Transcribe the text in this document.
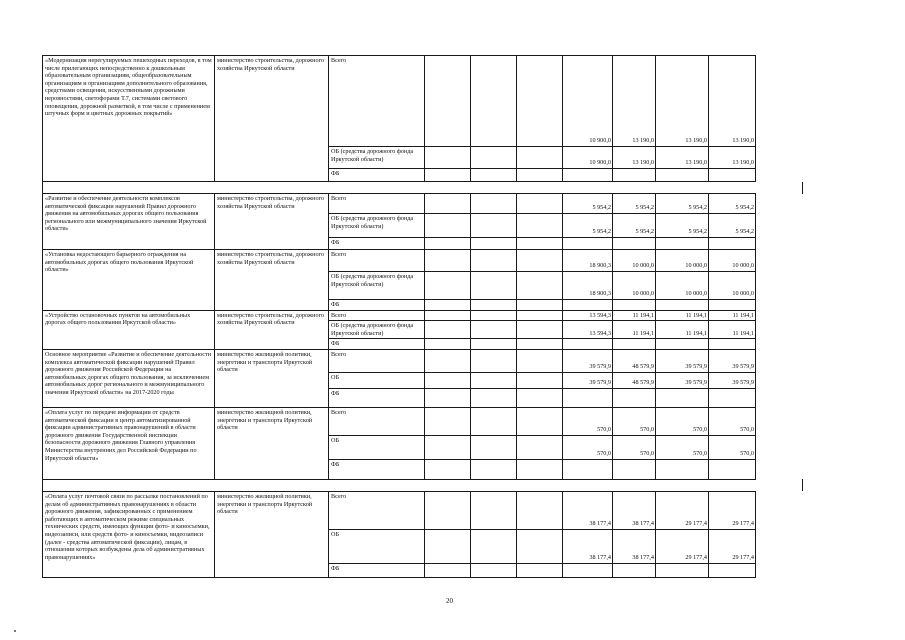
«Модернизация нерегулируемых пешеходных переходов, в том числе прилегающих непосредственно к дошкольным образовательным организациям, общеобразовательным организациям и организациям дополнительного образования, средствами освещения, искусственными дорожными неровностями, светофорами Т.7, системами светового оповещения, дорожной разметкой, в том числе с применением штучных форм и цветных дорожных покрытий»	министерство строительства, дорожного хозяйства Иркутской области	Всего				10 900,0	13 190,0	13 190,0	13 190,0	
		ОБ (средства дорожного фонда Иркутской области)				10 900,0	13 190,0	13 190,0	13 190,0	
		ФБ								

«Развитие и обеспечение деятельности комплексов автоматической фиксации нарушений Правил дорожного движения на автомобильных дорогах общего пользования регионального или межмуниципального значения Иркутской области»	министерство строительства, дорожного хозяйства Иркутской области	Всего				5 954,2	5 954,2	5 954,2	5 954,2	
		ОБ (средства дорожного фонда Иркутской области)				5 954,2	5 954,2	5 954,2	5 954,2	
		ФБ								
«Установка недостающего барьерного ограждения на автомобильных дорогах общего пользования Иркутской области»	министерство строительства, дорожного хозяйства Иркутской области	Всего				18 900,3	10 000,0	10 000,0	10 000,0	
		ОБ (средства дорожного фонда Иркутской области)				18 900,3	10 000,0	10 000,0	10 000,0	
		ФБ								
«Устройство остановочных пунктов на автомобильных дорогах общего пользования Иркутской области»	министерство строительства, дорожного хозяйства Иркутской области	Всего				13 594,3	11 194,1	11 194,1	11 194,1	
		ОБ (средства дорожного фонда Иркутской области)				13 594,3	11 194,1	11 194,1	11 194,1	
		ФБ								
Основное мероприятие «Развитие и обеспечение деятельности комплекса автоматической фиксации нарушений Правил дорожного движения Российской Федерации на автомобильных дорогах общего пользования, за исключением автомобильных дорог регионального и межмуниципального значения Иркутской области» на 2017-2020 годы	министерство жилищной политики, энергетики и транспорта Иркутской области	Всего				39 579,9	48 579,9	39 579,9	39 579,9	
		ОБ				39 579,9	48 579,9	39 579,9	39 579,9	
		ФБ								
«Оплата услуг по передаче информации от средств автоматической фиксации в центр автоматизированной фиксации административных правонарушений в области дорожного движения Государственной инспекции безопасности дорожного движения Главного управления Министерства внутренних дел Российской Федерации по Иркутской области»	министерство жилищной политики, энергетики и транспорта Иркутской области	Всего				570,0	570,0	570,0	570,0	
		ОБ				570,0	570,0	570,0	570,0	
		ФБ								

«Оплата услуг почтовой связи по рассылке постановлений по делам об административных правонарушениях в области дорожного движения, зафиксированных с применением работающих в автоматическом режиме специальных технических средств, имеющих функции фото- и киносъемки, видеозаписи, или средств фото- и киносъемки, видеозаписи (далее - средства автоматической фиксации), лицам, в отношении которых возбуждены дела об административных правонарушениях»	министерство жилищной политики, энергетики и транспорта Иркутской области	Всего				38 177,4	38 177,4	29 177,4	29 177,4	
		ОБ				38 177,4	38 177,4	29 177,4	29 177,4	
		ФБ								
20
